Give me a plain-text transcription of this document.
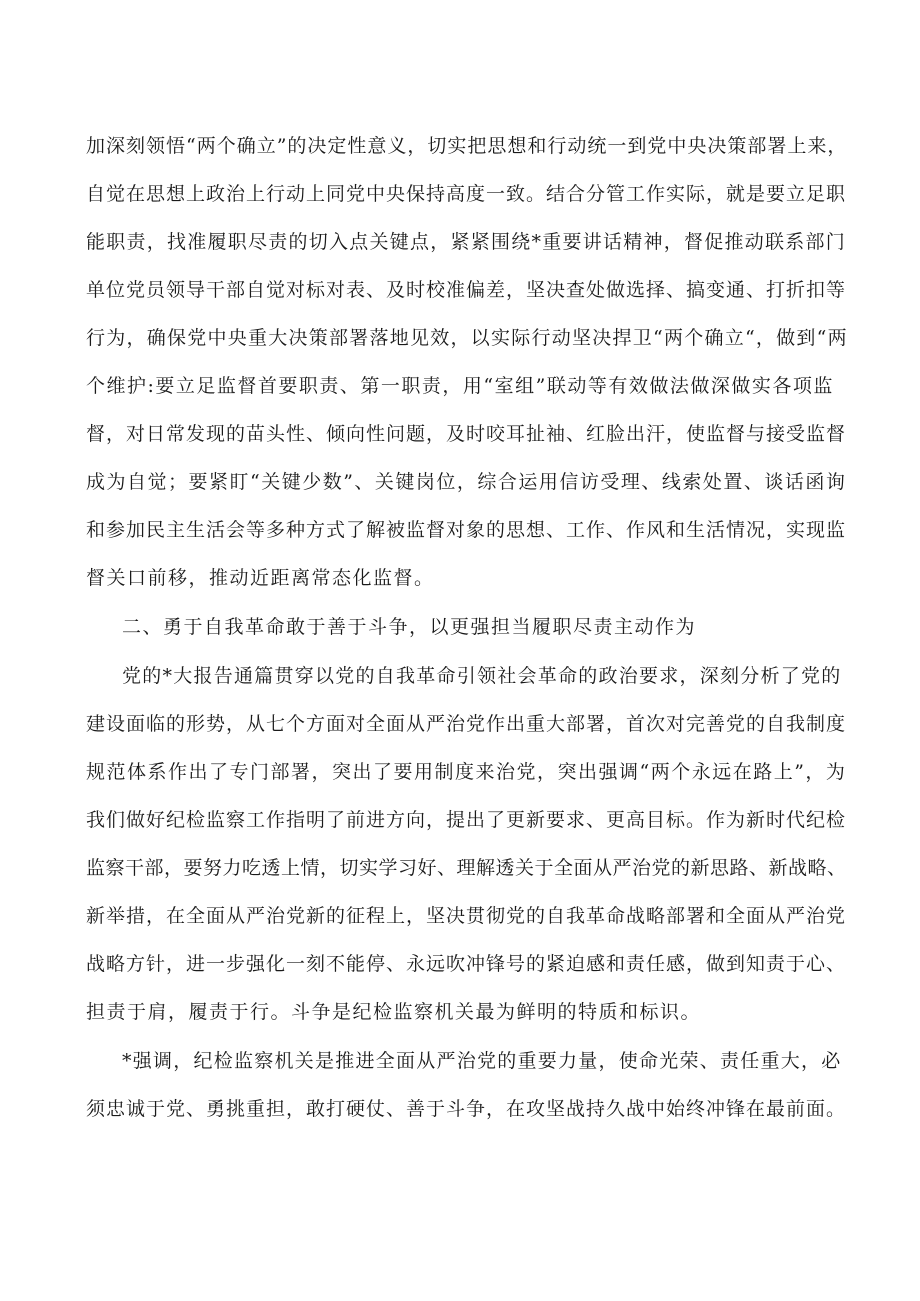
加深刻领悟“两个确立”的决定性意义，切实把思想和行动统一到党中央决策部署上来，

自觉在思想上政治上行动上同党中央保持高度一致。结合分管工作实际，就是要立足职

能职责，找准履职尽责的切入点关键点，紧紧围绕*重要讲话精神，督促推动联系部门

单位党员领导干部自觉对标对表、及时校准偏差，坚决查处做选择、搞变通、打折扣等

行为，确保党中央重大决策部署落地见效，以实际行动坚决捍卫“两个确立“，做到“两

个维护:要立足监督首要职责、第一职责，用“室组”联动等有效做法做深做实各项监

督，对日常发现的苗头性、倾向性问题，及时咬耳扯袖、红脸出汗，使监督与接受监督

成为自觉；要紧盯“关键少数”、关键岗位，综合运用信访受理、线索处置、谈话函询

和参加民主生活会等多种方式了解被监督对象的思想、工作、作风和生活情况，实现监

督关口前移，推动近距离常态化监督。

二、勇于自我革命敢于善于斗争，以更强担当履职尽责主动作为

党的*大报告通篇贯穿以党的自我革命引领社会革命的政治要求，深刻分析了党的

建设面临的形势，从七个方面对全面从严治党作出重大部署，首次对完善党的自我制度

规范体系作出了专门部署，突出了要用制度来治党，突出强调“两个永远在路上”，为

我们做好纪检监察工作指明了前进方向，提出了更新要求、更高目标。作为新时代纪检

监察干部，要努力吃透上情，切实学习好、理解透关于全面从严治党的新思路、新战略、

新举措，在全面从严治党新的征程上，坚决贯彻党的自我革命战略部署和全面从严治党

战略方针，进一步强化一刻不能停、永远吹冲锋号的紧迫感和责任感，做到知责于心、

担责于肩，履责于行。斗争是纪检监察机关最为鲜明的特质和标识。

*强调，纪检监察机关是推进全面从严治党的重要力量，使命光荣、责任重大，必

须忠诚于党、勇挑重担，敢打硬仗、善于斗争，在攻坚战持久战中始终冲锋在最前面。
